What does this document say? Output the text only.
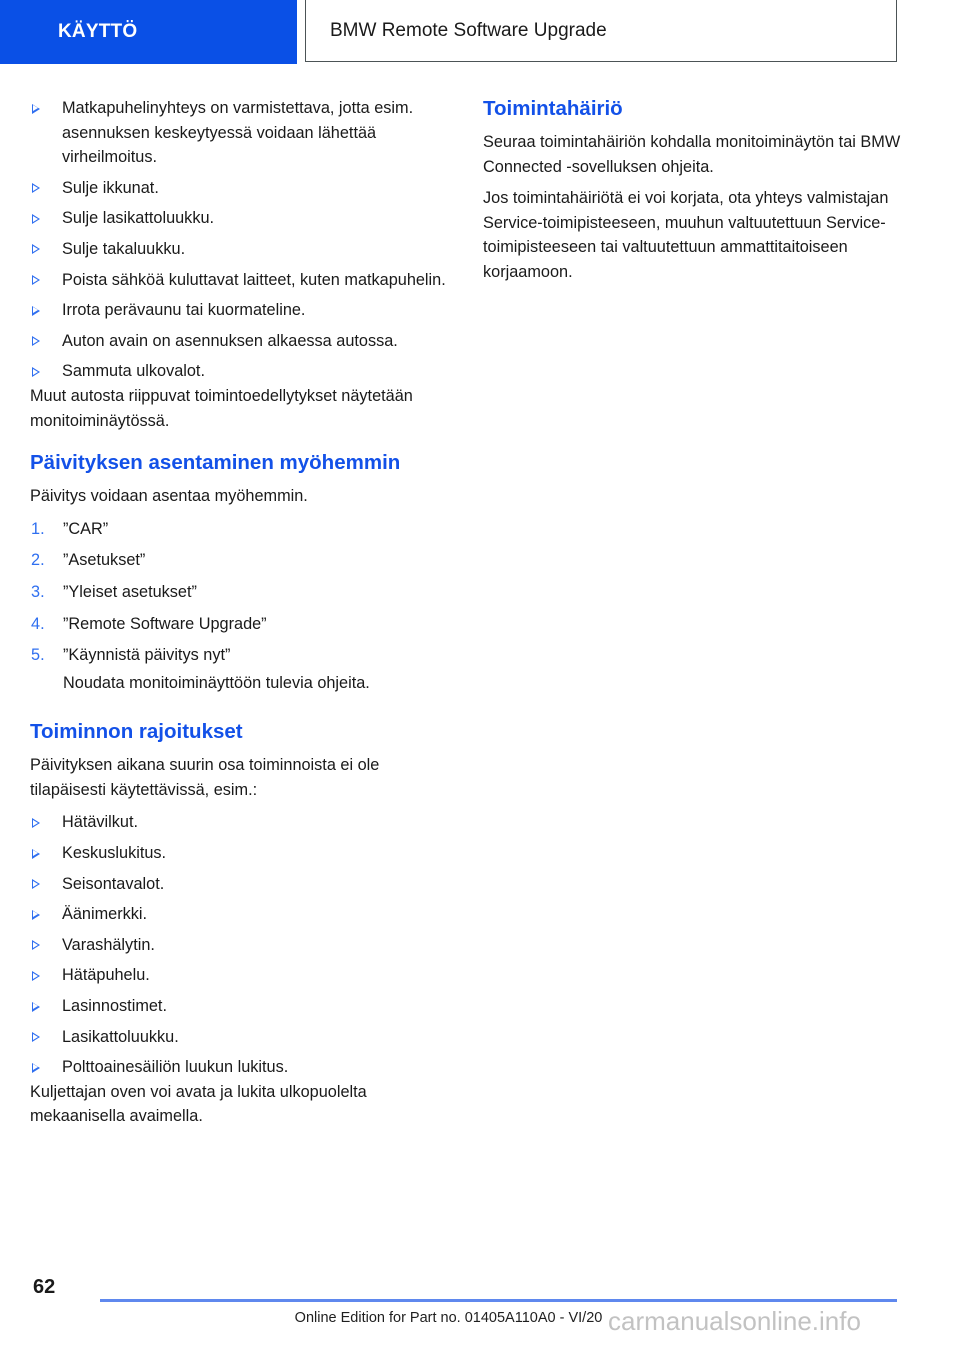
KÄYTTÖ	BMW Remote Software Upgrade
Matkapuhelinyhteys on varmistettava, jotta esim. asennuksen keskeytyessä voidaan lähettää virheilmoitus.
Sulje ikkunat.
Sulje lasikattoluukku.
Sulje takaluukku.
Poista sähköä kuluttavat laitteet, kuten matkapuhelin.
Irrota perävaunu tai kuormateline.
Auton avain on asennuksen alkaessa autossa.
Sammuta ulkovalot.

Muut autosta riippuvat toimintoedellytykset näytetään monitoiminäytössä.

Päivityksen asentaminen myöhemmin

Päivitys voidaan asentaa myöhemmin.

”CAR”
”Asetukset”
”Yleiset asetukset”
”Remote Software Upgrade”
”Käynnistä päivitys nyt”
Noudata monitoiminäyttöön tulevia ohjeita.
Toiminnon rajoitukset

Päivityksen aikana suurin osa toiminnoista ei ole tilapäisesti käytettävissä, esim.:

Hätävilkut.
Keskuslukitus.
Seisontavalot.
Äänimerkki.
Varashälytin.
Hätäpuhelu.
Lasinnostimet.
Lasikattoluukku.
Polttoainesäiliön luukun lukitus.

Kuljettajan oven voi avata ja lukita ulkopuolelta mekaanisella avaimella.

Toimintahäiriö

Seuraa toimintahäiriön kohdalla monitoiminäytön tai BMW Connected -sovelluksen ohjeita.

Jos toimintahäiriötä ei voi korjata, ota yhteys valmistajan Service-toimipisteeseen, muuhun valtuutettuun Service-toimipisteeseen tai valtuutettuun ammattitaitoiseen korjaamoon.

62
Online Edition for Part no. 01405A110A0 - VI/20 carmanualsonline.info
